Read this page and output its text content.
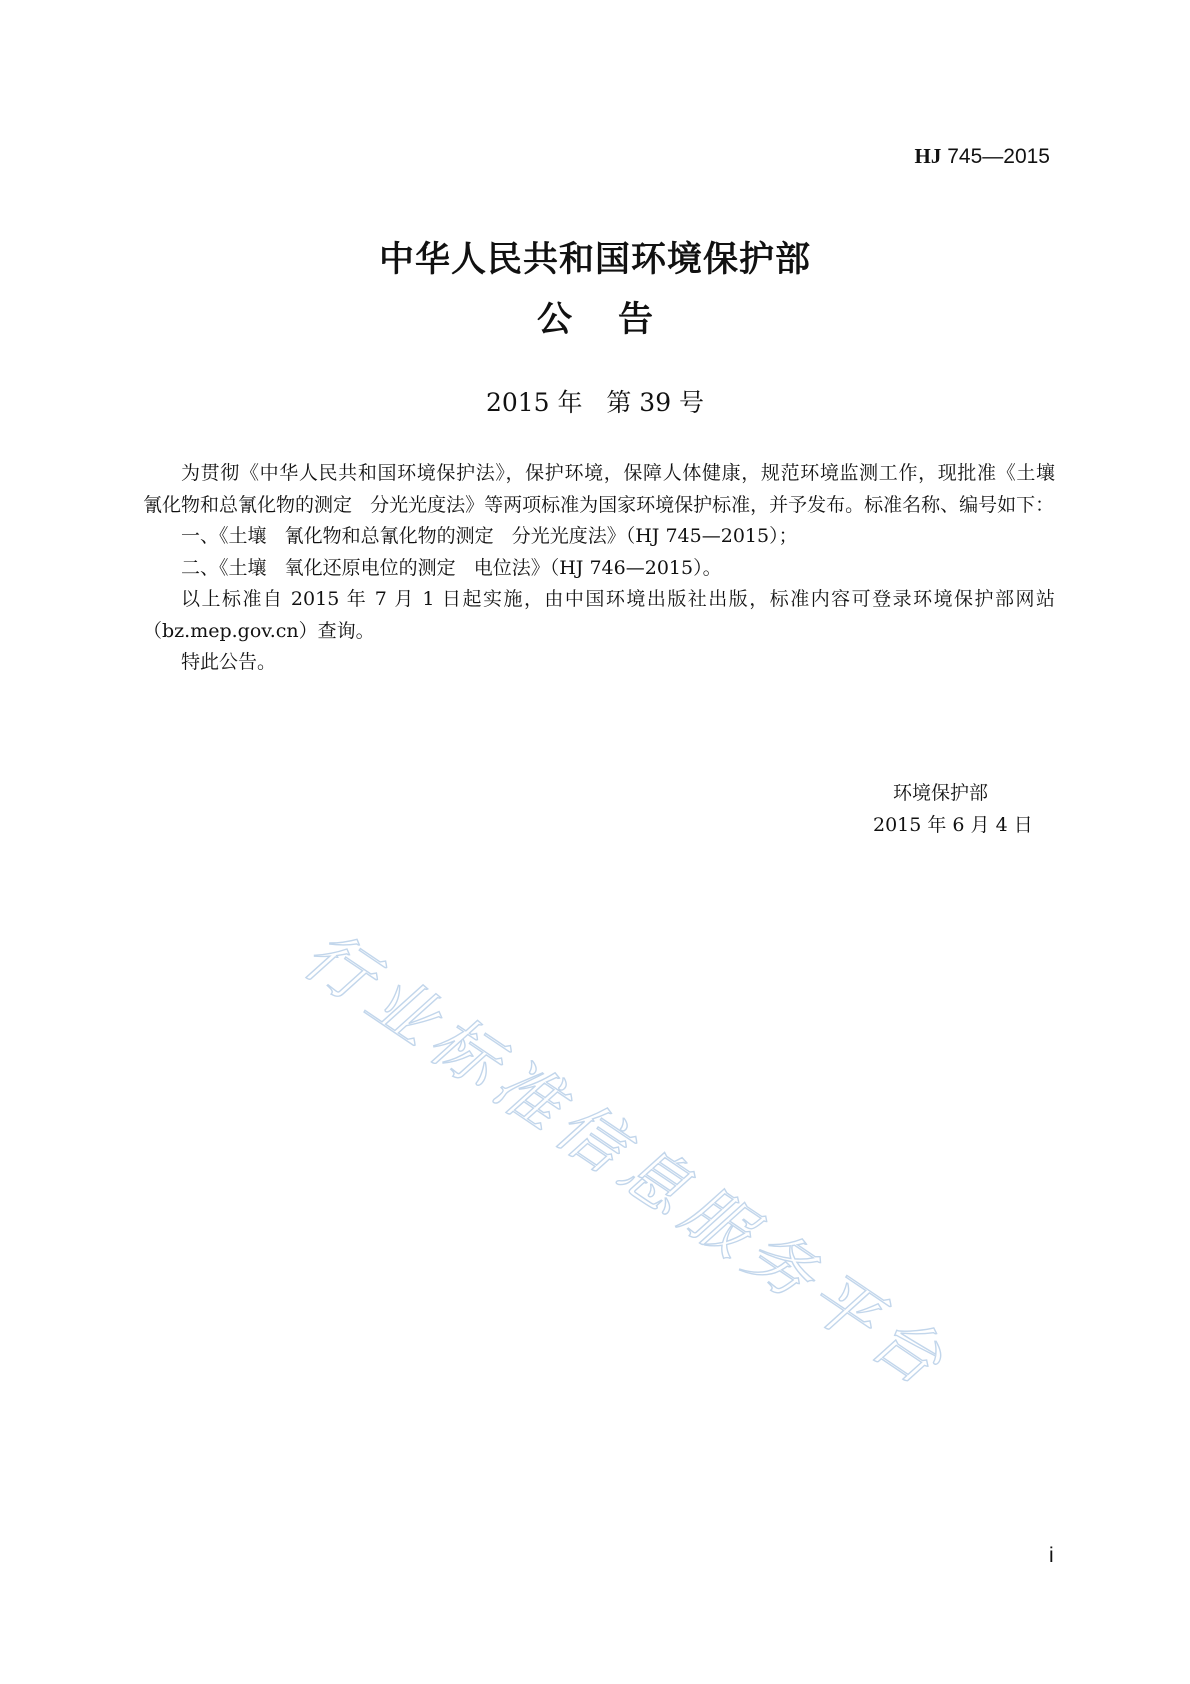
HJ 745—2015
中华人民共和国环境保护部
公告
2015 年   第 39 号

为贯彻《中华人民共和国环境保护法》，保护环境，保障人体健康，规范环境监测工作，现批准《土壤   氰化物和总氰化物的测定   分光光度法》等两项标准为国家环境保护标准，并予发布。标准名称、编号如下：

一、《土壤   氰化物和总氰化物的测定   分光光度法》（HJ 745—2015）；

二、《土壤   氧化还原电位的测定   电位法》（HJ 746—2015）。

以上标准自 2015 年 7 月 1 日起实施，由中国环境出版社出版，标准内容可登录环境保护部网站（bz.mep.gov.cn）查询。

特此公告。

环境保护部
2015 年 6 月 4 日
行业标准信息服务平台
i
